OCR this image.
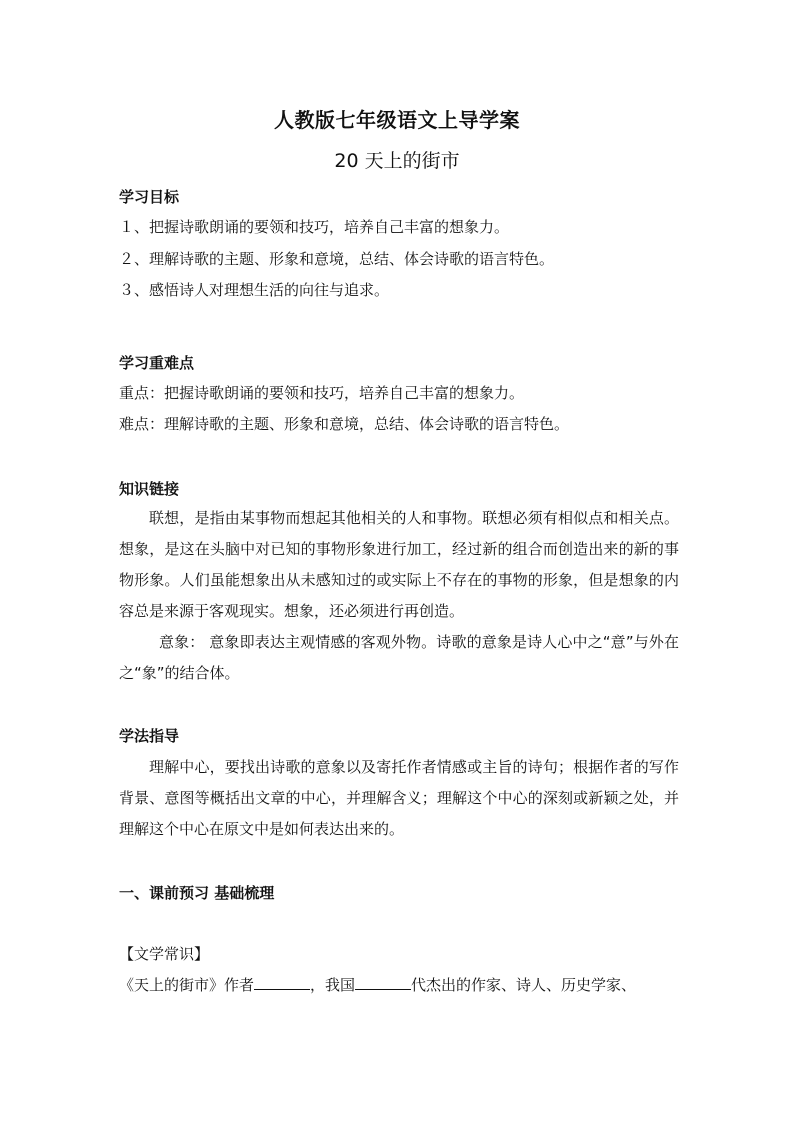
人教版七年级语文上导学案
20 天上的街市
学习目标
１、把握诗歌朗诵的要领和技巧，培养自己丰富的想象力。
２、理解诗歌的主题、形象和意境，总结、体会诗歌的语言特色。
３、感悟诗人对理想生活的向往与追求。
学习重难点
重点：把握诗歌朗诵的要领和技巧，培养自己丰富的想象力。
难点：理解诗歌的主题、形象和意境，总结、体会诗歌的语言特色。
知识链接

联想，是指由某事物而想起其他相关的人和事物。联想必须有相似点和相关点。 想象，是这在头脑中对已知的事物形象进行加工，经过新的组合而创造出来的新的事物形象。人们虽能想象出从未感知过的或实际上不存在的事物的形象，但是想象的内容总是来源于客观现实。想象，还必须进行再创造。

意象： 意象即表达主观情感的客观外物。诗歌的意象是诗人心中之“意”与外在之“象”的结合体。

学法指导

理解中心，要找出诗歌的意象以及寄托作者情感或主旨的诗句；根据作者的写作背景、意图等概括出文章的中心，并理解含义；理解这个中心的深刻或新颖之处，并理解这个中心在原文中是如何表达出来的。

一、课前预习 基础梳理
【文学常识】
《天上的街市》作者	，我国	代杰出的作家、诗人、历史学家、
